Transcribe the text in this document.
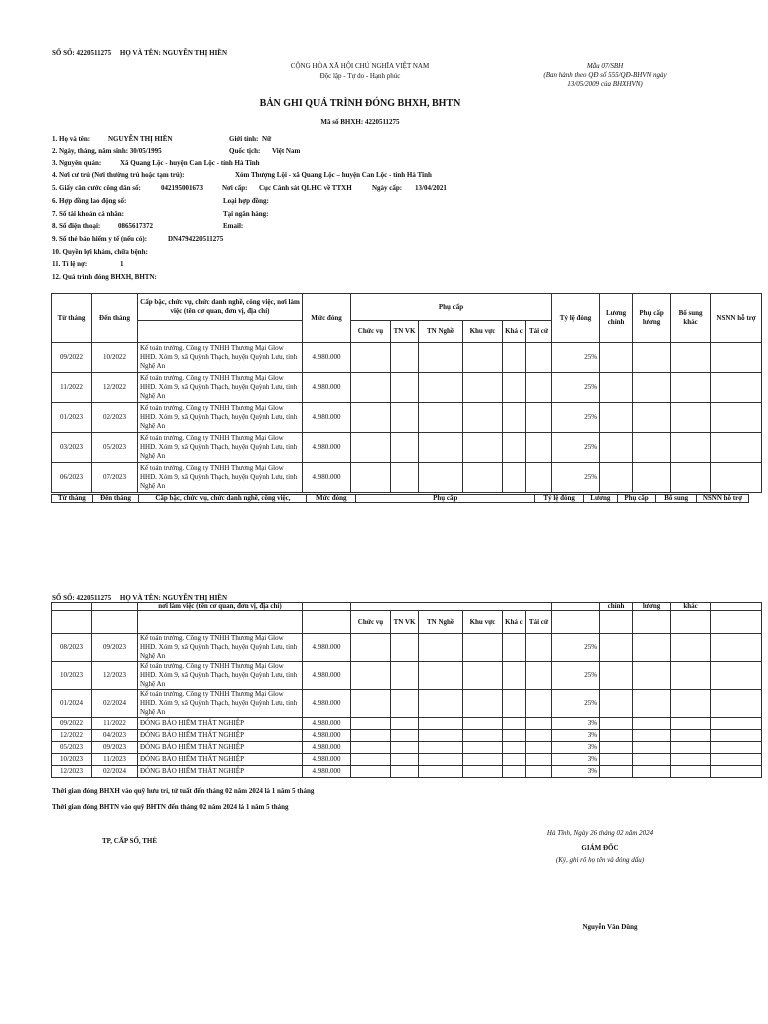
SỐ SỔ: 4220511275     HỌ VÀ TÊN: NGUYỄN THỊ HIỀN
CỘNG HÒA XÃ HỘI CHỦ NGHĨA VIỆT NAM
Độc lập - Tự do - Hạnh phúc
Mẫu 07/SBH
(Ban hành theo QĐ số 555/QĐ-BHVN ngày
13/05/2009 của BHXHVN)
BẢN GHI QUÁ TRÌNH ĐÓNG BHXH, BHTN
Mã số BHXH: 4220511275
1. Họ và tên:	NGUYỄN THỊ HIỀN	Giới tính: Nữ
2. Ngày, tháng, năm sinh: 30/05/1995	Quốc tịch: Việt Nam
3. Nguyên quán:	Xã Quang Lộc - huyện Can Lộc - tỉnh Hà Tĩnh
4. Nơi cư trú (Nơi thường trú hoặc tạm trú):	Xóm Thượng Lội - xã Quang Lộc – huyện Can Lộc - tỉnh Hà Tĩnh
5. Giấy căn cước công dân số:	042195001673	Nơi cấp: Cục Cảnh sát QLHC về TTXH	Ngày cấp: 13/04/2021
6. Hợp đồng lao động số:	Loại hợp đồng:
7. Số tài khoản cá nhân:	Tại ngân hàng:
8. Số điện thoại:	0865617372	Email:
9. Số thẻ bảo hiểm y tế (nếu có):	DN4794220511275
10. Quyền lợi khám, chữa bệnh:
11. Tỉ lệ nợ:	1
12. Quá trình đóng BHXH, BHTN:
Từ tháng	Đến tháng	Cấp bậc, chức vụ, chức danh nghề, công việc, nơi làm việc (tên cơ quan, đơn vị, địa chỉ)	Mức đóng	Phụ cấp						Tỷ lệ đóng	Lương chính	Phụ cấp lương	Bổ sung khác	NSNN hỗ trợ
				Chức vụ	TN VK	TN Nghề	Khu vực	Khá c	Tái cử					
09/2022	10/2022	Kế toán trưởng. Công ty TNHH Thương Mại Glow HHD. Xóm 9, xã Quỳnh Thạch, huyện Quỳnh Lưu, tỉnh Nghệ An	4.980.000							25%				
11/2022	12/2022	Kế toán trưởng. Công ty TNHH Thương Mại Glow HHD. Xóm 9, xã Quỳnh Thạch, huyện Quỳnh Lưu, tỉnh Nghệ An	4.980.000							25%				
01/2023	02/2023	Kế toán trưởng. Công ty TNHH Thương Mại Glow HHD. Xóm 9, xã Quỳnh Thạch, huyện Quỳnh Lưu, tỉnh Nghệ An	4.980.000							25%				
03/2023	05/2023	Kế toán trưởng. Công ty TNHH Thương Mại Glow HHD. Xóm 9, xã Quỳnh Thạch, huyện Quỳnh Lưu, tỉnh Nghệ An	4.980.000							25%				
06/2023	07/2023	Kế toán trưởng. Công ty TNHH Thương Mại Glow HHD. Xóm 9, xã Quỳnh Thạch, huyện Quỳnh Lưu, tỉnh Nghệ An	4.980.000							25%				
Từ tháng	Đến tháng	Cấp bậc, chức vụ, chức danh nghề, công việc,	Mức đóng	Phụ cấp	Tỷ lệ đóng	Lương	Phụ cấp	Bổ sung	NSNN hỗ trợ
SỐ SỔ: 4220511275     HỌ VÀ TÊN: NGUYỄN THỊ HIỀN
		nơi làm việc (tên cơ quan, đơn vị, địa chỉ)									chính	lương	khác	
				Chức vụ	TN VK	TN Nghề	Khu vực	Khá c	Tái cử					
08/2023	09/2023	Kế toán trưởng. Công ty TNHH Thương Mại Glow HHD. Xóm 9, xã Quỳnh Thạch, huyện Quỳnh Lưu, tỉnh Nghệ An	4.980.000							25%				
10/2023	12/2023	Kế toán trưởng. Công ty TNHH Thương Mại Glow HHD. Xóm 9, xã Quỳnh Thạch, huyện Quỳnh Lưu, tỉnh Nghệ An	4.980.000							25%				
01/2024	02/2024	Kế toán trưởng. Công ty TNHH Thương Mại Glow HHD. Xóm 9, xã Quỳnh Thạch, huyện Quỳnh Lưu, tỉnh Nghệ An	4.980.000							25%				
09/2022	11/2022	ĐÓNG BẢO HIỂM THẤT NGHIỆP	4.980.000							3%				
12/2022	04/2023	ĐÓNG BẢO HIỂM THẤT NGHIỆP	4.980.000							3%				
05/2023	09/2023	ĐÓNG BẢO HIỂM THẤT NGHIỆP	4.980.000							3%				
10/2023	11/2023	ĐÓNG BẢO HIỂM THẤT NGHIỆP	4.980.000							3%				
12/2023	02/2024	ĐÓNG BẢO HIỂM THẤT NGHIỆP	4.980.000							3%				
Thời gian đóng BHXH vào quỹ hưu trí, tử tuất đến tháng 02 năm 2024 là 1 năm 5 tháng
Thời gian đóng BHTN vào quỹ BHTN đến tháng 02 năm 2024 là 1 năm 5 tháng
TP, CẤP SỔ, THẺ
Hà Tĩnh, Ngày 26 tháng 02 năm 2024
GIÁM ĐỐC
(Ký, ghi rõ họ tên và đóng dấu)
Nguyễn Văn Dũng
